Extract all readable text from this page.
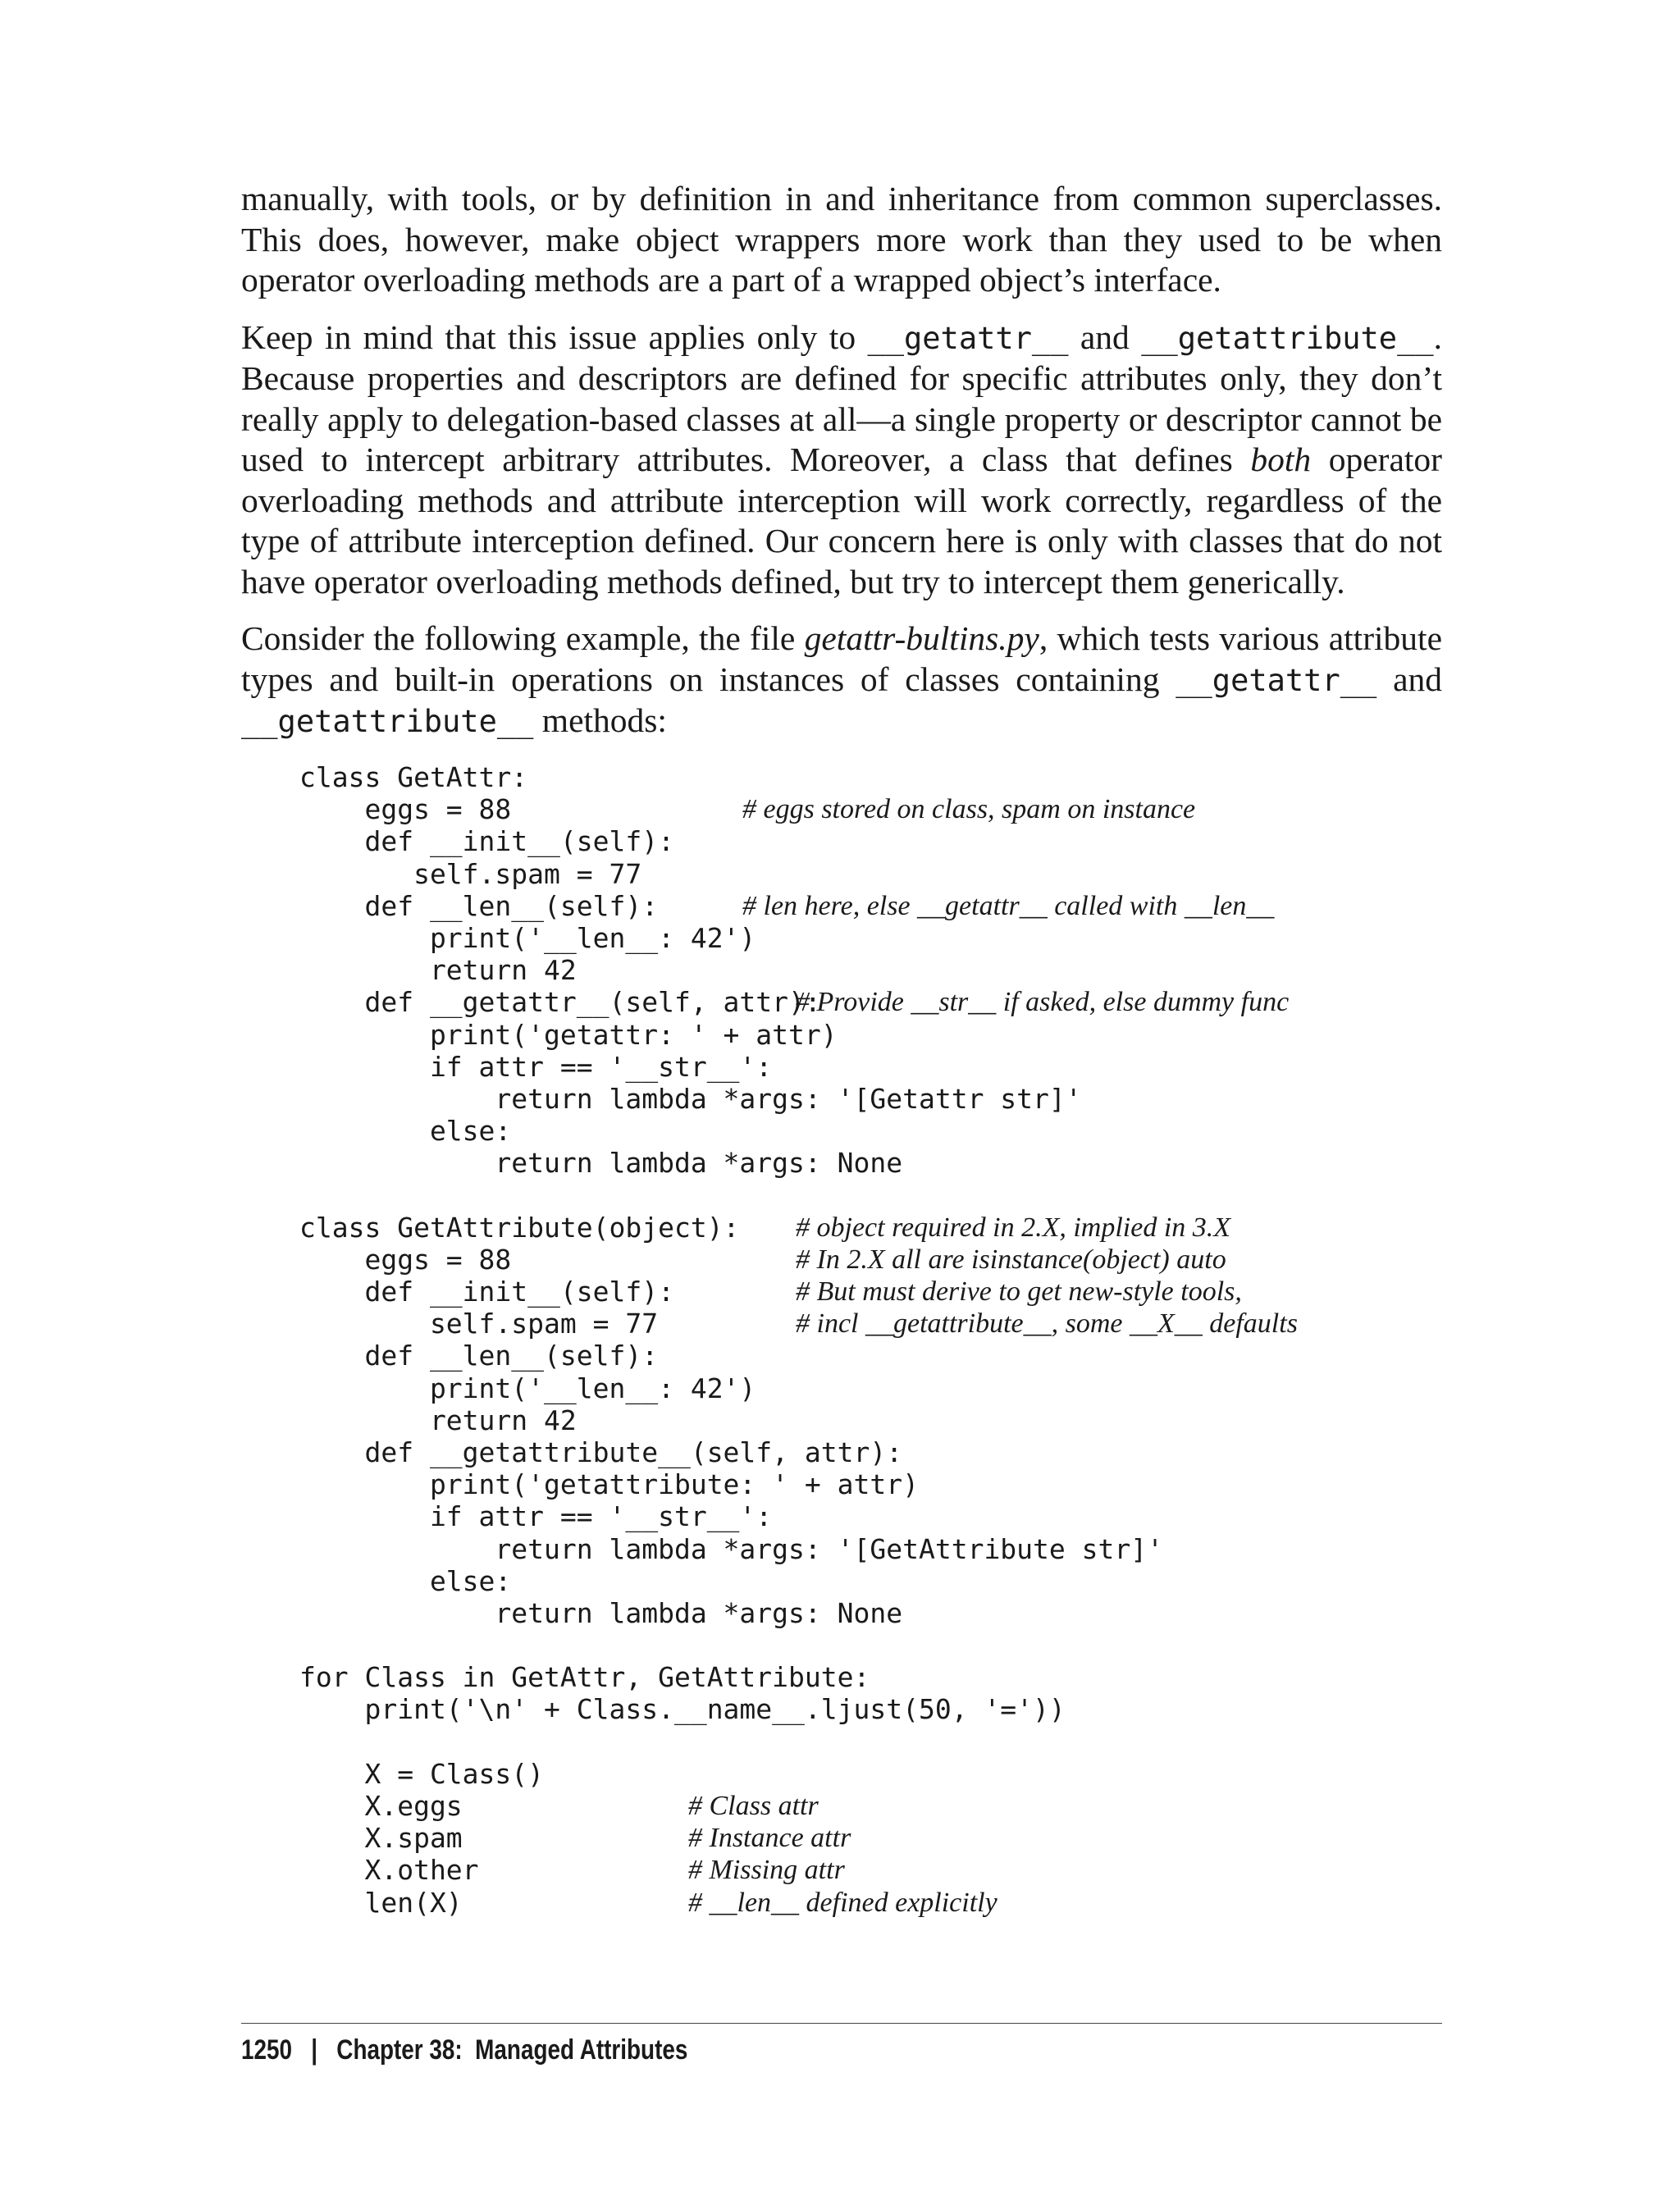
manually, with tools, or by definition in and inheritance from common superclasses. This does, however, make object wrappers more work than they used to be when operator overloading methods are a part of a wrapped object’s interface.

Keep in mind that this issue applies only to __getattr__ and __getattribute__. Because properties and descriptors are defined for specific attributes only, they don’t really apply to delegation-based classes at all—a single property or descriptor cannot be used to intercept arbitrary attributes. Moreover, a class that defines both operator overloading methods and attribute interception will work correctly, regardless of the type of attribute interception defined. Our concern here is only with classes that do not have operator overloading methods defined, but try to intercept them generically.

Consider the following example, the file getattr-bultins.py, which tests various attribute types and built-in operations on instances of classes containing __getattr__ and __getattribute__ methods:

class GetAttr:
eggs = 88	# eggs stored on class, spam on instance
def __init__(self):
self.spam = 77
def __len__(self):	# len here, else __getattr__ called with __len__
print('__len__: 42')
return 42
def __getattr__(self, attr):
# Provide __str__ if asked, else dummy func
print('getattr: ' + attr)
if attr == '__str__':
return lambda *args: '[Getattr str]'
else:
return lambda *args: None
class GetAttribute(object): # object required in 2.X, implied in 3.X
eggs = 88	# In 2.X all are isinstance(object) auto
def __init__(self):	# But must derive to get new-style tools,
self.spam = 77	# incl __getattribute__, some __X__ defaults
def __len__(self):
print('__len__: 42')
return 42
def __getattribute__(self, attr):
print('getattribute: ' + attr)
if attr == '__str__':
return lambda *args: '[GetAttribute str]'
else:
return lambda *args: None
for Class in GetAttr, GetAttribute:
print('\n' + Class.__name__.ljust(50, '='))
X = Class()
X.eggs	# Class attr
X.spam	# Instance attr
X.other	# Missing attr
len(X)	# __len__ defined explicitly
1250 | Chapter 38:  Managed Attributes
